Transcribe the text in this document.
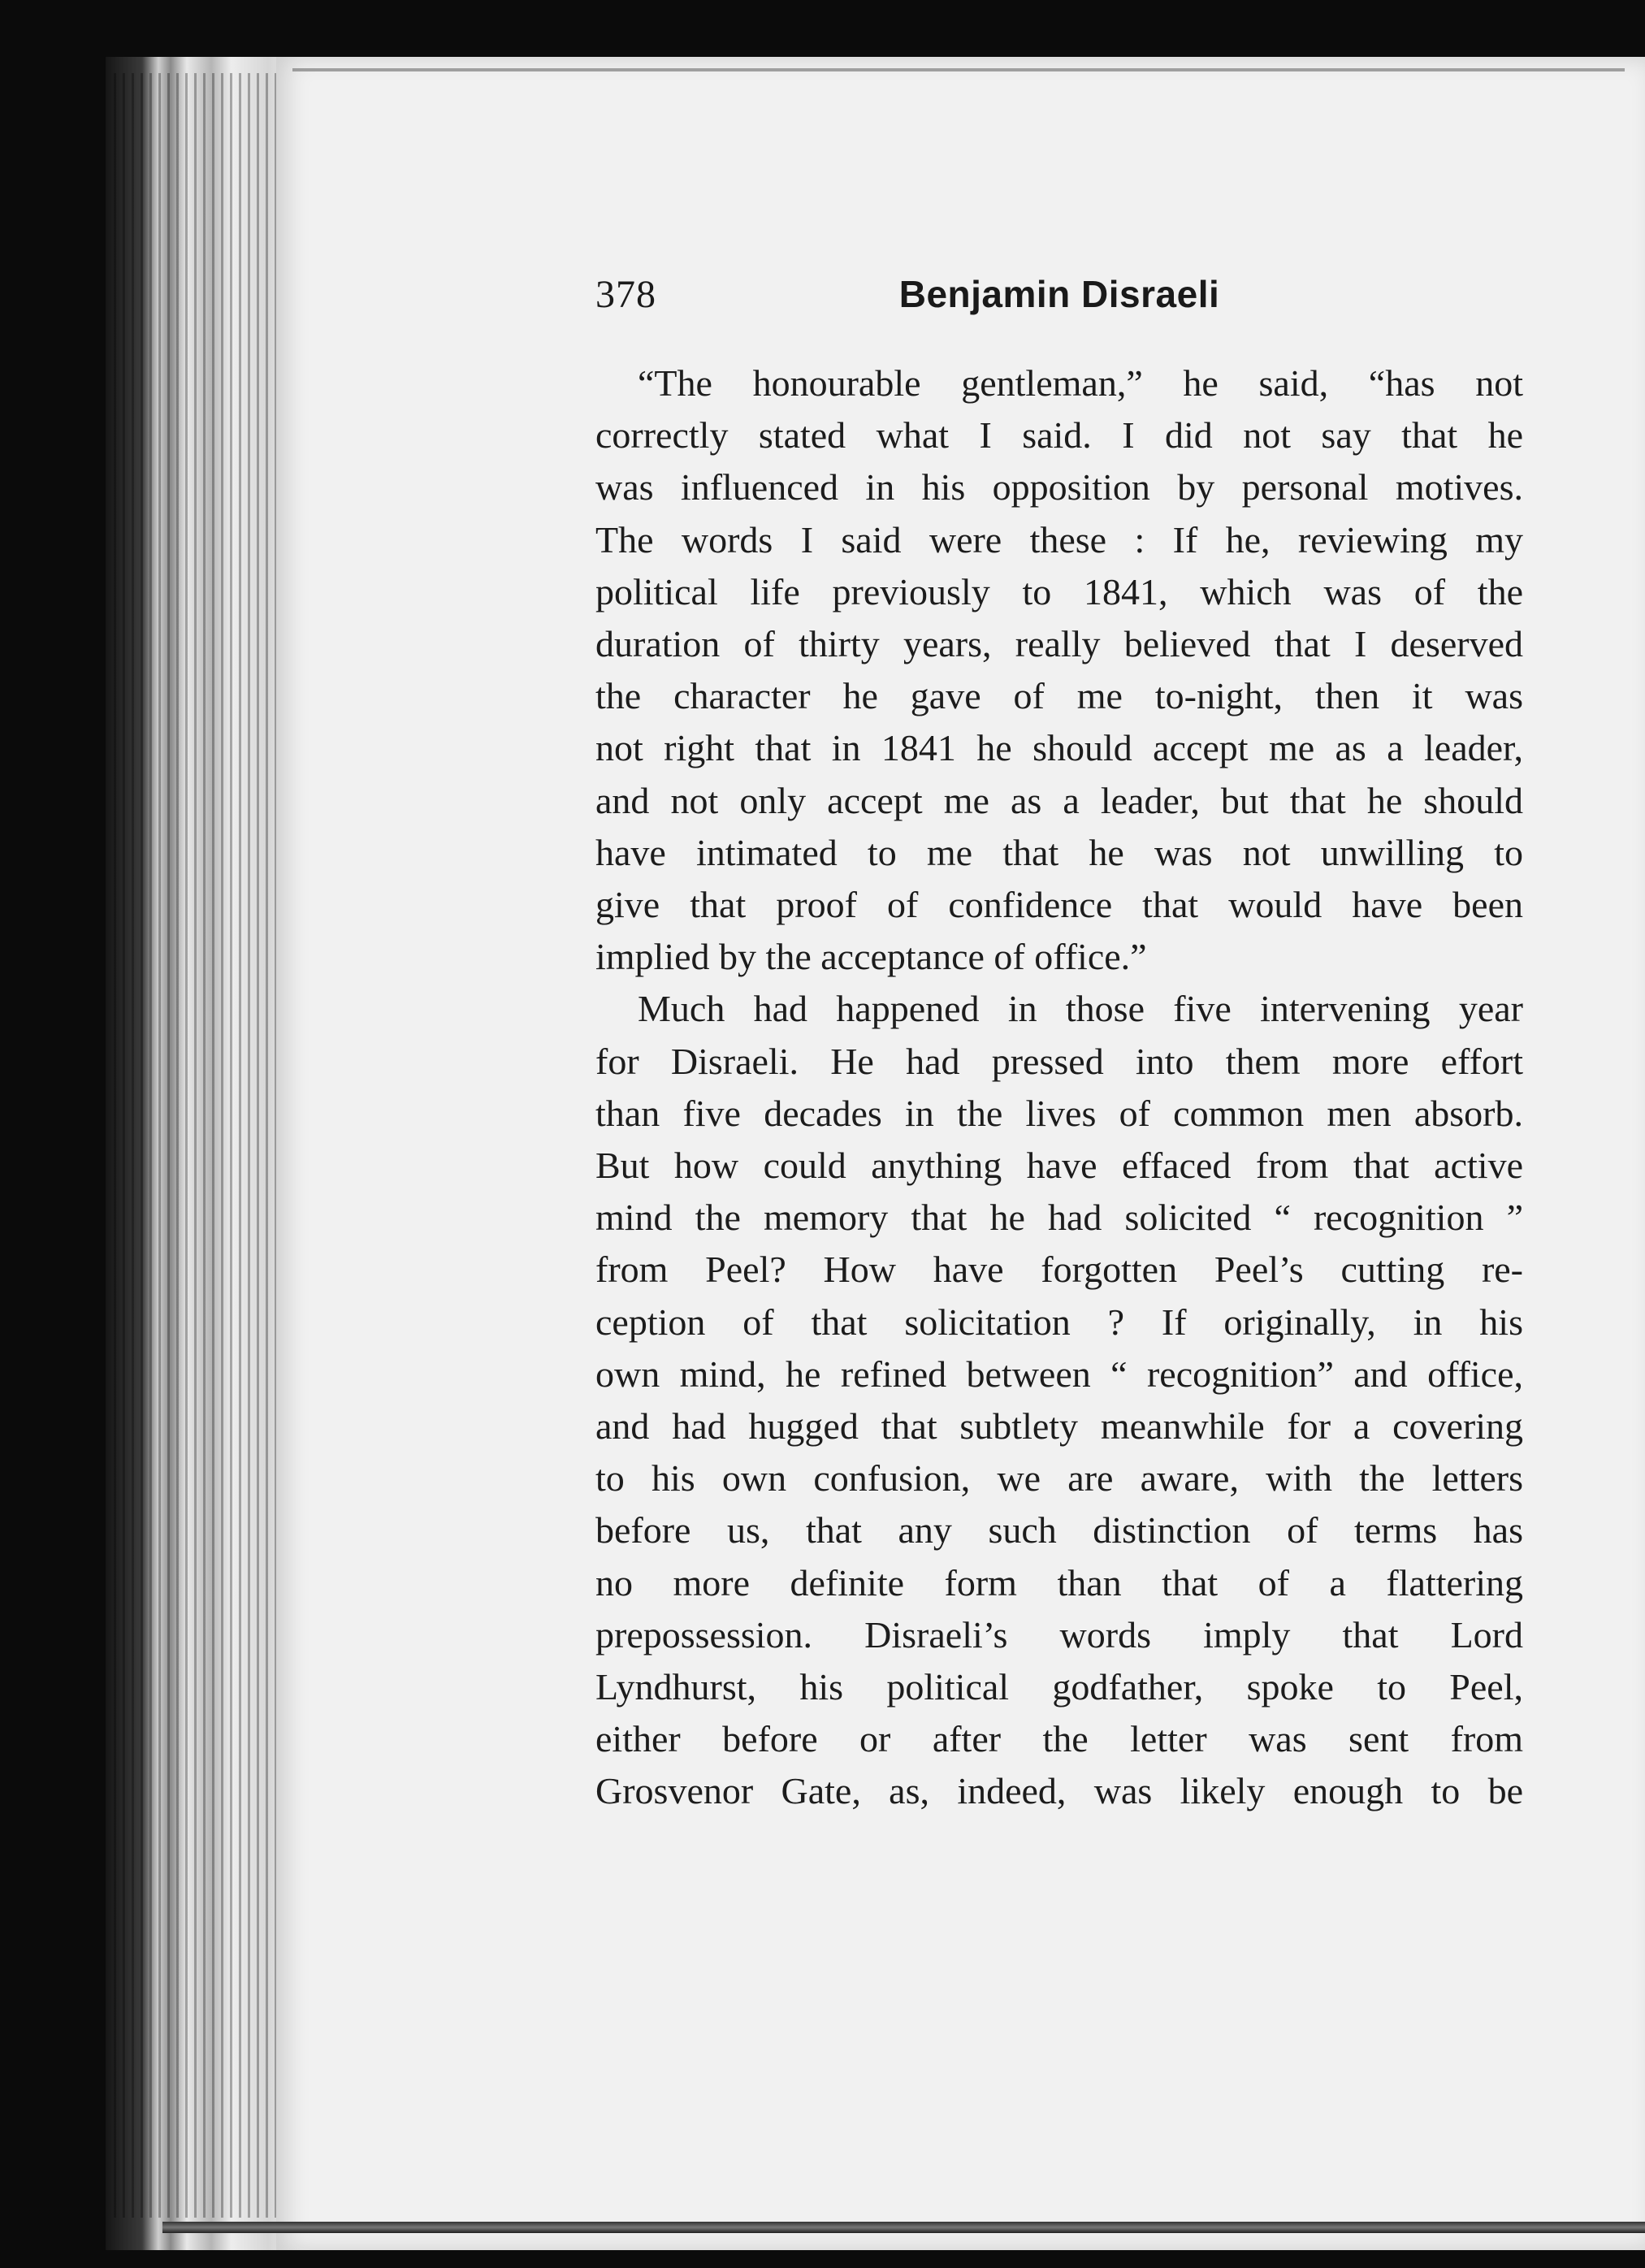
378	Benjamin Disraeli

“The honourable gentleman,” he said, “has not
correctly stated what I said. I did not say that he
was influenced in his opposition by personal motives.
The words I said were these : If he, reviewing my
political life previously to 1841, which was of the
duration of thirty years, really believed that I deserved
the character he gave of me to-night, then it was
not right that in 1841 he should accept me as a leader,
and not only accept me as a leader, but that he should
have intimated to me that he was not unwilling to
give that proof of confidence that would have been
implied by the acceptance of office.”

Much had happened in those five intervening year
for Disraeli. He had pressed into them more effort
than five decades in the lives of common men absorb.
But how could anything have effaced from that active
mind the memory that he had solicited “ recognition ”
from Peel? How have forgotten Peel’s cutting re-
ception of that solicitation ? If originally, in his
own mind, he refined between “ recognition” and office,
and had hugged that subtlety meanwhile for a covering
to his own confusion, we are aware, with the letters
before us, that any such distinction of terms has
no more definite form than that of a flattering
prepossession. Disraeli’s words imply that Lord
Lyndhurst, his political godfather, spoke to Peel,
either before or after the letter was sent from
Grosvenor Gate, as, indeed, was likely enough to be
